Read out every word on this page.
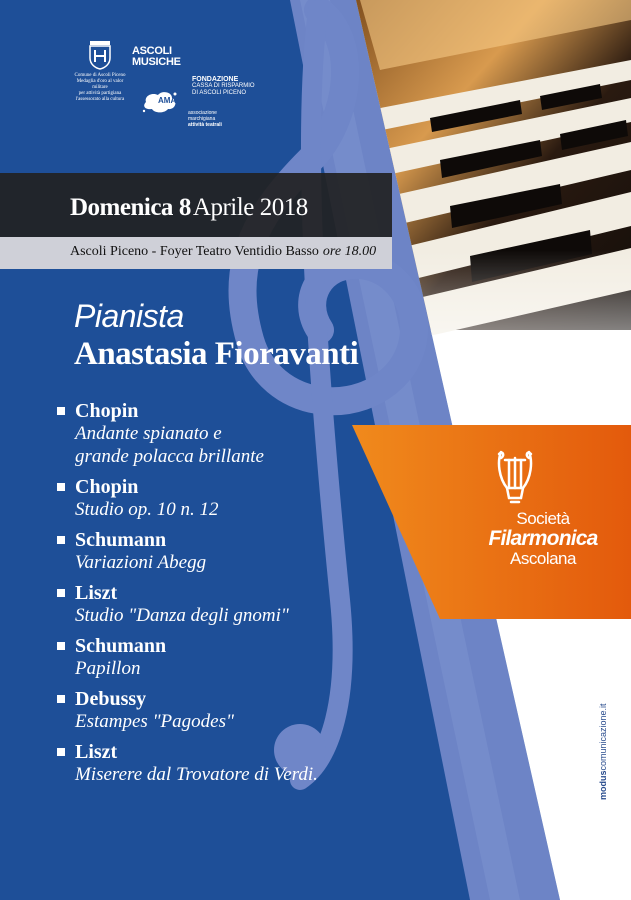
Comune di Ascoli Piceno
Medaglia d'oro al valor militare
per attività partigiana
l'assessorato alla cultura
ASCOLI
MUSICHE
FONDAZIONE
CASSA DI RISPARMIO
DI ASCOLI PICENO
AMAT
associazione
marchigiana
attività teatrali
Domenica 8Aprile 2018
Ascoli Piceno - Foyer Teatro Ventidio Basso ore 18.00
Pianista
Anastasia Fioravanti
Chopin
Andante spianato e
grande polacca brillante
Chopin
Studio op. 10 n. 12
Schumann
Variazioni Abegg
Liszt
Studio "Danza degli gnomi"
Schumann
Papillon
Debussy
Estampes "Pagodes"
Liszt
Miserere dal Trovatore di Verdi.
Società
Filarmonica
Ascolana
moduscomunicazione.it
